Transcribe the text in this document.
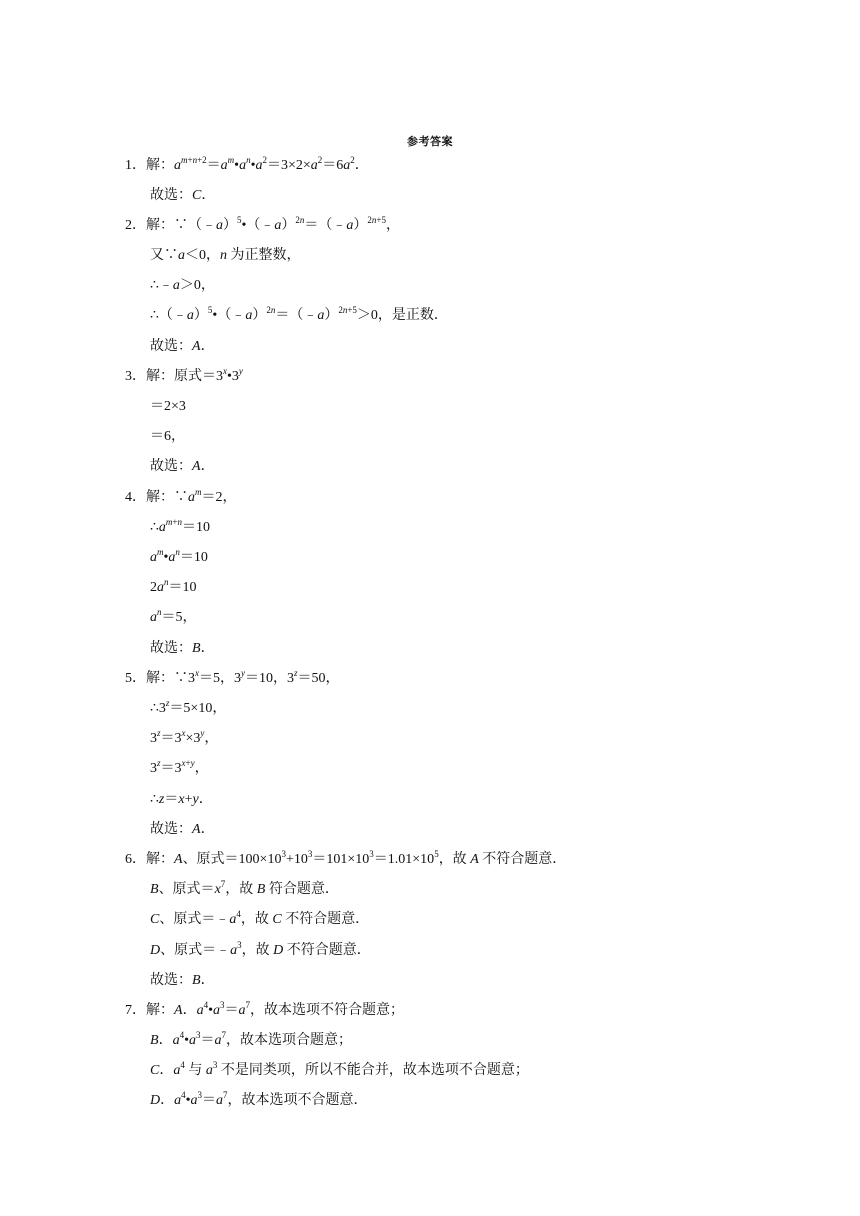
参考答案
1．解：$a^{m+n+2}=a^m•a^n•a^2=3\times 2\times a^2=6a^2$．
故选：C．
2．解：∵（﹣a）$^5$•（﹣a）$^{2n}$＝（﹣a）$^{2n+5}$，
又∵a＜0，n 为正整数，
∴﹣a＞0，
∴（﹣a）$^5$•（﹣a）$^{2n}$＝（﹣a）$^{2n+5}$＞0，是正数．
故选：A．
3．解：原式$=3^x•3^y$
＝2×3
＝6，
故选：A．
4．解：$\because a^m=2$，
$\therefore a^{m+n}=10$
$a^m•a^n=10$
$2a^n=10$
$a^n=5$，
故选：B．
5．解：$\because 3^x=5$，$3^y=10$，$3^z=50$，
$\therefore 3^z=5\times 10$，
$3^z=3^x\times 3^y$，
$3^z=3^{x+y}$，
∴z＝x+y．
故选：A．
6．解：A、原式$=100\times 10^3+10^3=101\times 10^3=1.01\times 10^5$，故 A 不符合题意．
B、原式$=x^7$，故 B 符合题意．
C、原式$=﹣a^4$，故 C 不符合题意．
D、原式$=﹣a^3$，故 D 不符合题意．
故选：B．
7．解：A．$a^4•a^3=a^7$，故本选项不符合题意；
B．$a^4•a^3=a^7$，故本选项合题意；
C．$a^4$ 与 $a^3$ 不是同类项，所以不能合并，故本选项不合题意；
D．$a^4•a^3=a^7$，故本选项不合题意．
